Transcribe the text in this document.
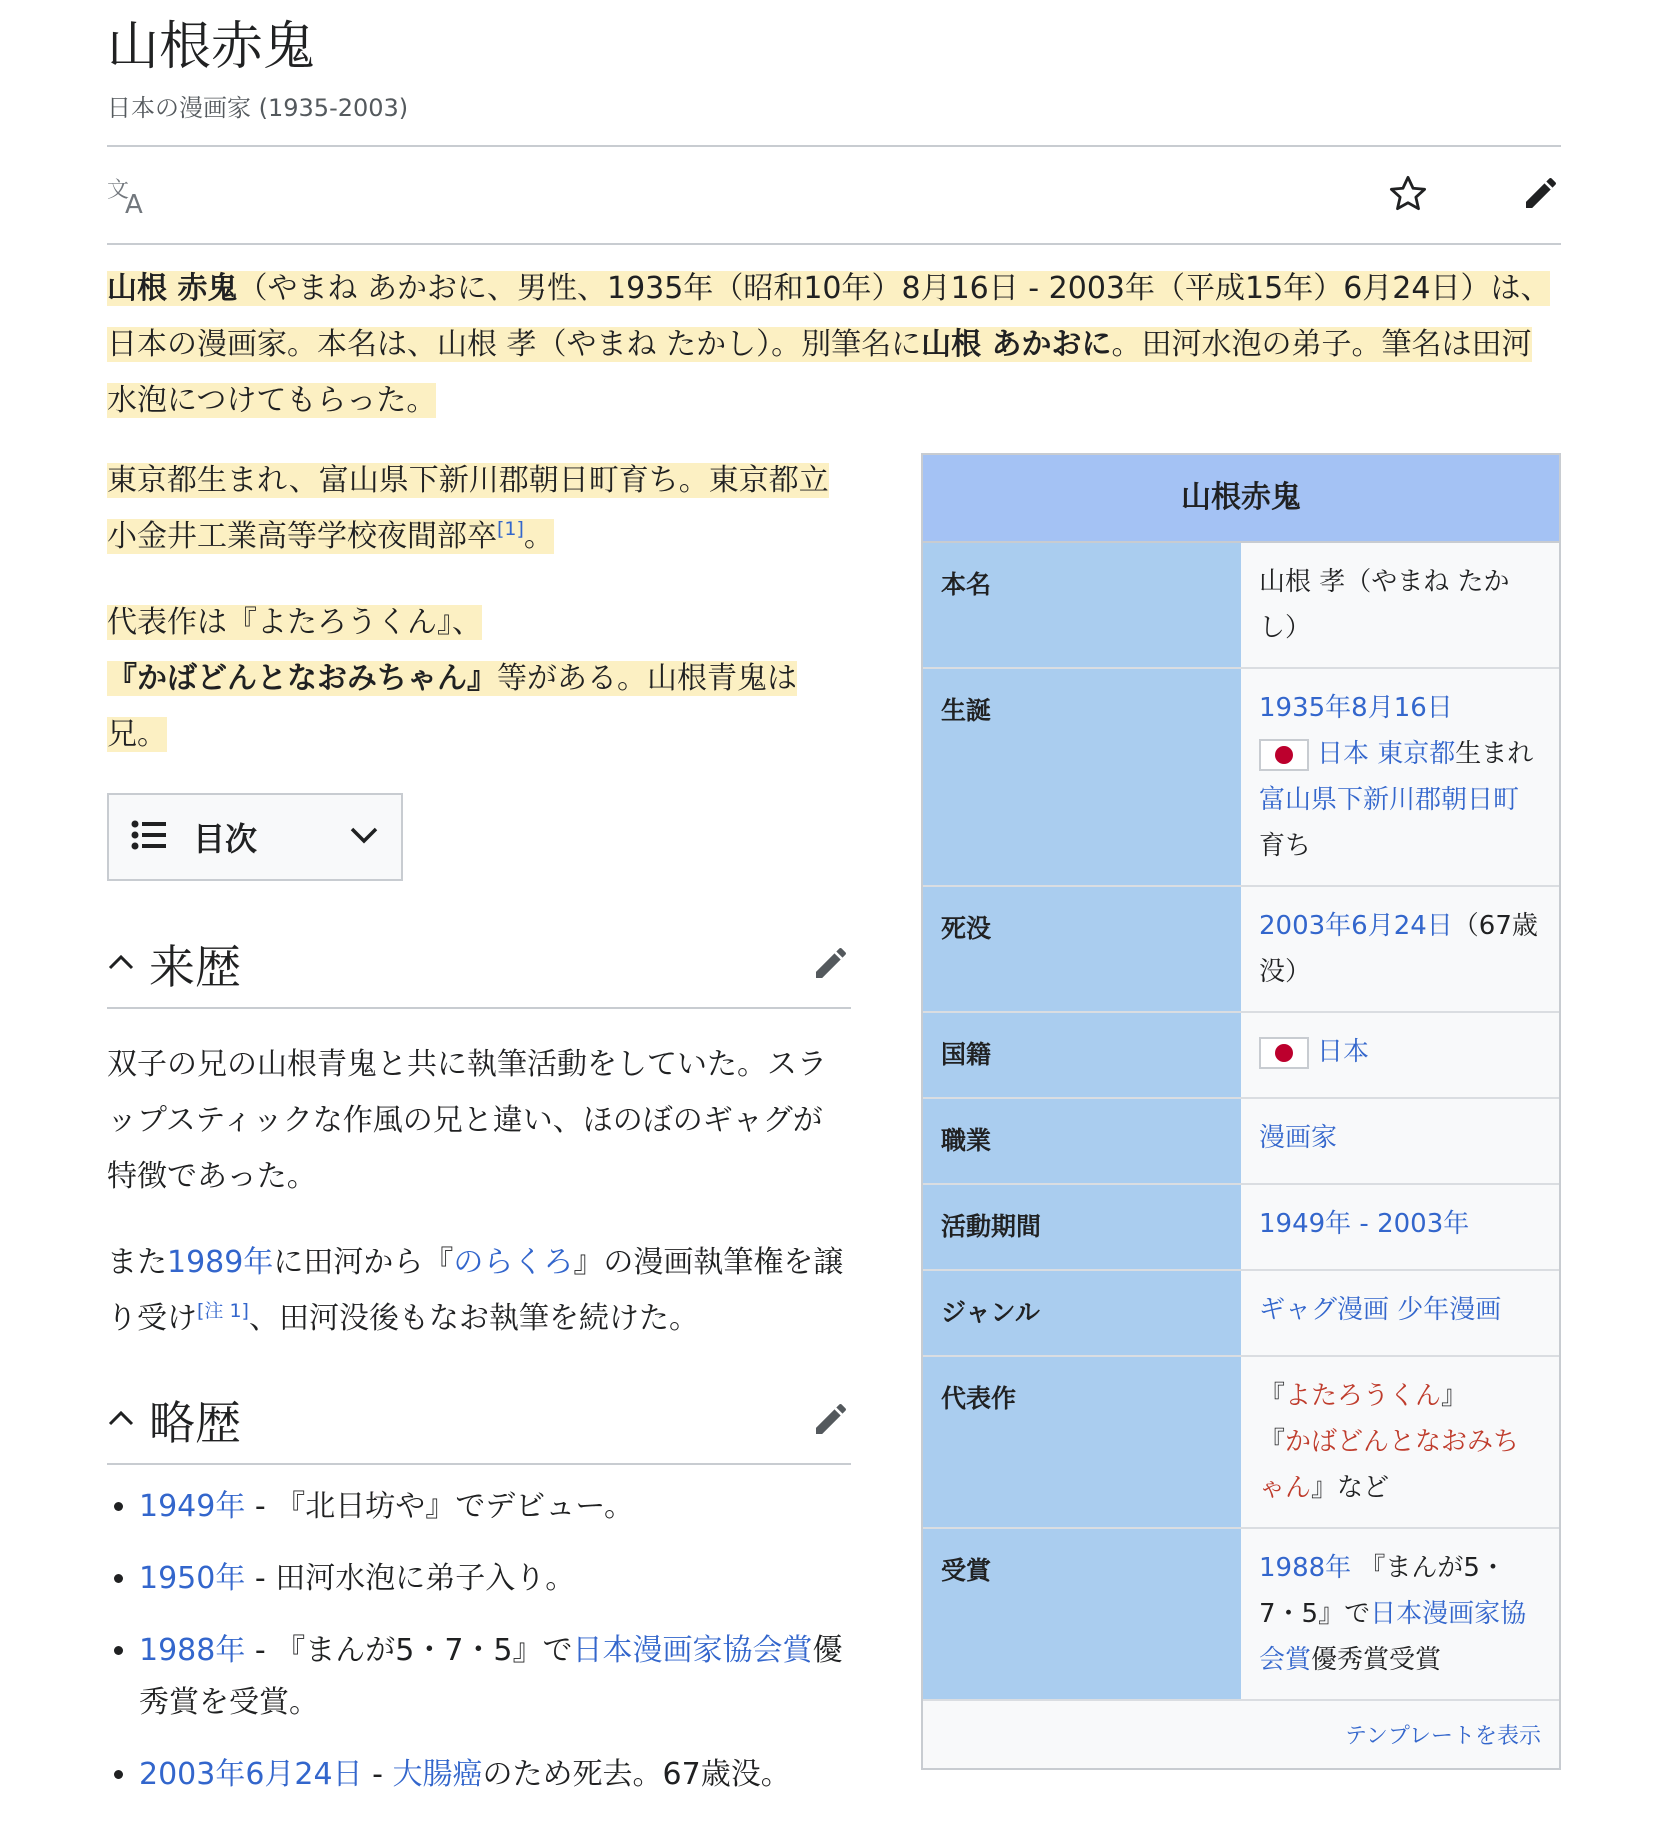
山根赤鬼
日本の漫画家 (1935-2003)
文
A

山根 赤鬼（やまね あかおに、男性、1935年（昭和10年）8月16日 - 2003年（平成15年）6月24日）は、日本の漫画家。本名は、山根 孝（やまね たかし）。別筆名に山根 あかおに。田河水泡の弟子。筆名は田河水泡につけてもらった。

東京都生まれ、富山県下新川郡朝日町育ち。東京都立小金井工業高等学校夜間部卒[1]。

代表作は『よたろうくん』、『かばどんとなおみちゃん』等がある。山根青鬼は兄。

目次
来歴

双子の兄の山根青鬼と共に執筆活動をしていた。スラップスティックな作風の兄と違い、ほのぼのギャグが特徴であった。

また1989年に田河から『のらくろ』の漫画執筆権を譲り受け[注 1]、田河没後もなお執筆を続けた。

略歴
• 1949年 - 『北日坊や』でデビュー。
• 1950年 - 田河水泡に弟子入り。
• 1988年 - 『まんが5・7・5』で日本漫画家協会賞優秀賞を受賞。
• 2003年6月24日 - 大腸癌のため死去。67歳没。
山根赤鬼
本名	山根 孝（やまね たかし）
生誕	1935年8月16日
日本 東京都生まれ 富山県下新川郡朝日町育ち
死没	2003年6月24日（67歳没）
国籍	日本
職業	漫画家
活動期間	1949年 - 2003年
ジャンル	ギャグ漫画 少年漫画
代表作	『よたろうくん』
『かばどんとなおみちゃん』など
受賞	1988年 『まんが5・7・5』で日本漫画家協会賞優秀賞受賞
テンプレートを表示
